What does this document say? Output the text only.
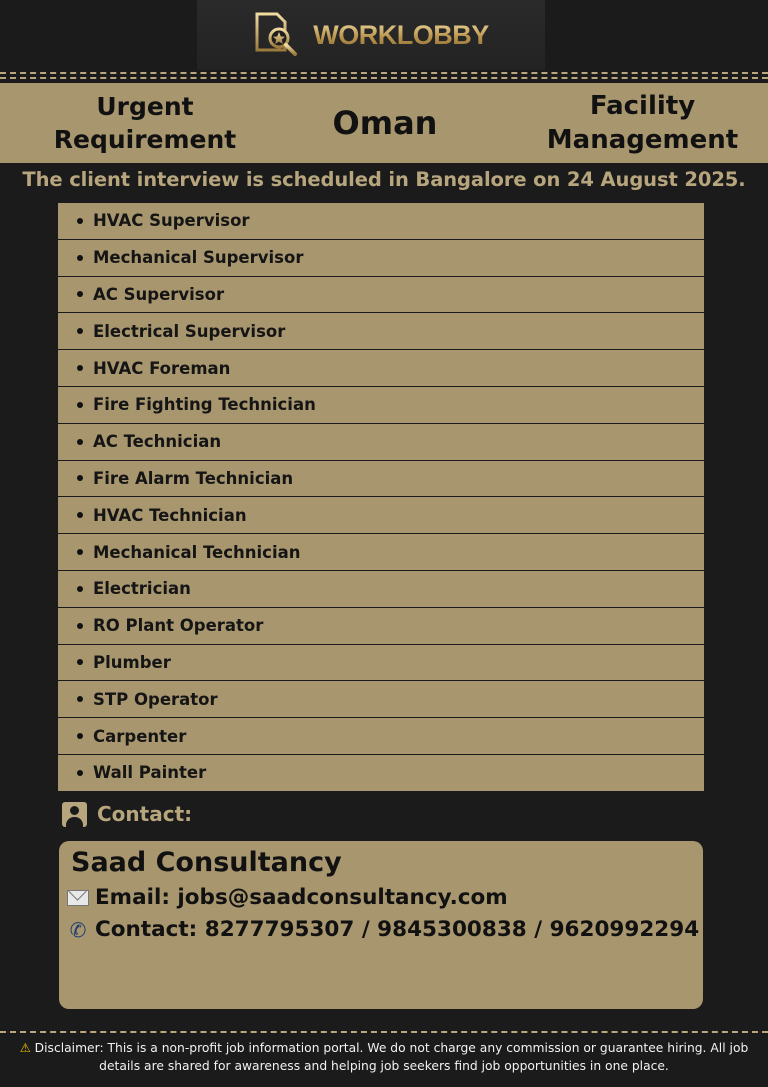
WORKLOBBY
Urgent Requirement	Oman	Facility Management
The client interview is scheduled in Bangalore on 24 August 2025.
HVAC Supervisor
Mechanical Supervisor
AC Supervisor
Electrical Supervisor
HVAC Foreman
Fire Fighting Technician
AC Technician
Fire Alarm Technician
HVAC Technician
Mechanical Technician
Electrician
RO Plant Operator
Plumber
STP Operator
Carpenter
Wall Painter
Contact:
Saad Consultancy
Email: jobs@saadconsultancy.com
✆ Contact: 8277795307 / 9845300838 / 9620992294
⚠ Disclaimer: This is a non-profit job information portal. We do not charge any commission or guarantee hiring. All job details are shared for awareness and helping job seekers find job opportunities in one place.
